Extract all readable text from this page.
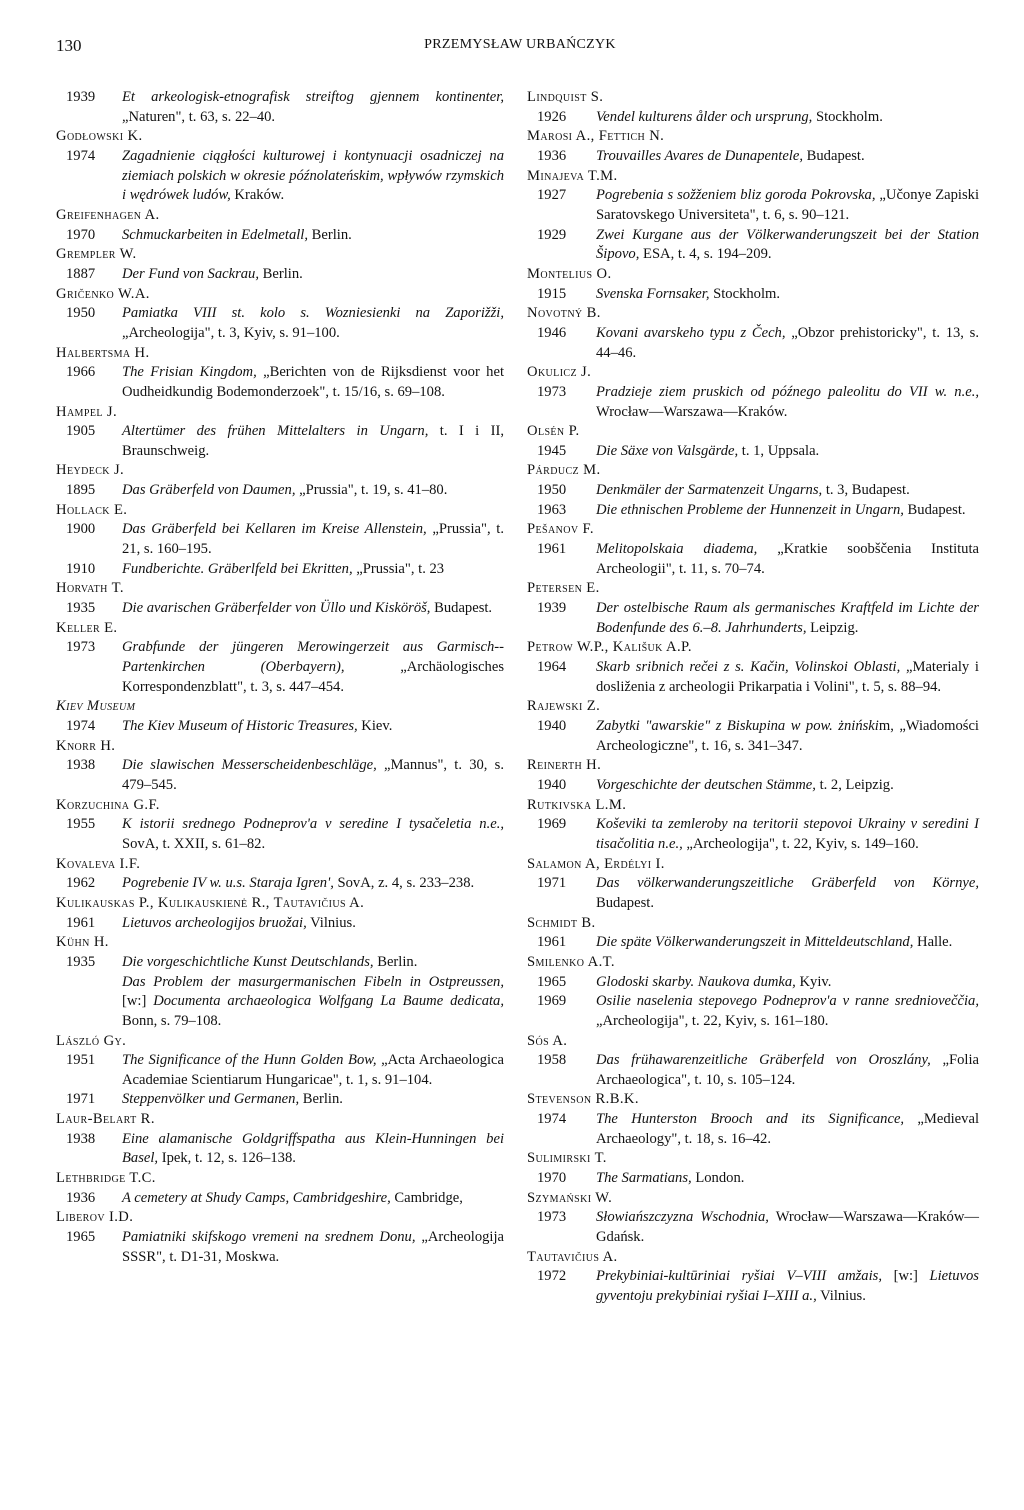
130	PRZEMYSŁAW URBAŃCZYK
1939	Et arkeologisk-etnografisk streiftog gjennem kontinenter, „Naturen", t. 63, s. 22–40.
Godłowski K.
1974	Zagadnienie ciągłości kulturowej i kontynuacji osadniczej na ziemiach polskich w okresie późnolateńskim, wpływów rzymskich i wędrówek ludów, Kraków.
Greifenhagen A.
1970	Schmuckarbeiten in Edelmetall, Berlin.
Grempler W.
1887	Der Fund von Sackrau, Berlin.
Gričenko W.A.
1950	Pamiatka VIII st. kolo s. Wozniesienki na Zaporižži, „Archeologija", t. 3, Kyiv, s. 91–100.
Halbertsma H.
1966	The Frisian Kingdom, „Berichten von de Rijksdienst voor het Oudheidkundig Bodemonderzoek", t. 15/16, s. 69–108.
Hampel J.
1905	Altertümer des frühen Mittelalters in Ungarn, t. I i II, Braunschweig.
Heydeck J.
1895	Das Gräberfeld von Daumen, „Prussia", t. 19, s. 41–80.
Hollack E.
1900	Das Gräberfeld bei Kellaren im Kreise Allenstein, „Prussia", t. 21, s. 160–195.
1910	Fundberichte. Gräberlfeld bei Ekritten, „Prussia", t. 23
Horvath T.
1935	Die avarischen Gräberfelder von Üllo und Kisköröš, Budapest.
Keller E.
1973	Grabfunde der jüngeren Merowingerzeit aus Garmisch--Partenkirchen (Oberbayern), „Archäologisches Korrespondenzblatt", t. 3, s. 447–454.
Kiev Museum
1974	The Kiev Museum of Historic Treasures, Kiev.
Knorr H.
1938	Die slawischen Messerscheidenbeschläge, „Mannus", t. 30, s. 479–545.
Korzuchina G.F.
1955	K istorii srednego Podneprov'a v seredine I tysačeletia n.e., SovA, t. XXII, s. 61–82.
Kovaleva I.F.
1962	Pogrebenie IV w. u.s. Staraja Igren', SovA, z. 4, s. 233–238.
Kulikauskas P., Kulikauskienė R., Tautavičius A.
1961	Lietuvos archeologijos bruožai, Vilnius.
Kühn H.
1935	Die vorgeschichtliche Kunst Deutschlands, Berlin.
Das Problem der masurgermanischen Fibeln in Ostpreussen, [w:] Documenta archaeologica Wolfgang La Baume dedicata, Bonn, s. 79–108.
László Gy.
1951	The Significance of the Hunn Golden Bow, „Acta Archaeologica Academiae Scientiarum Hungaricae", t. 1, s. 91–104.
1971	Steppenvölker und Germanen, Berlin.
Laur-Belart R.
1938	Eine alamanische Goldgriffspatha aus Klein-Hunningen bei Basel, Ipek, t. 12, s. 126–138.
Lethbridge T.C.
1936	A cemetery at Shudy Camps, Cambridgeshire, Cambridge,
Liberov I.D.
1965	Pamiatniki skifskogo vremeni na srednem Donu, „Archeologija SSSR", t. D1-31, Moskwa.
Lindquist S.
1926	Vendel kulturens ålder och ursprung, Stockholm.
Marosi A., Fettich N.
1936	Trouvailles Avares de Dunapentele, Budapest.
Minajeva T.M.
1927	Pogrebenia s sožženiem bliz goroda Pokrovska, „Učonye Zapiski Saratovskego Universiteta", t. 6, s. 90–121.
1929	Zwei Kurgane aus der Völkerwanderungszeit bei der Station Šipovo, ESA, t. 4, s. 194–209.
Montelius O.
1915	Svenska Fornsaker, Stockholm.
Novotný B.
1946	Kovani avarskeho typu z Čech, „Obzor prehistoricky", t. 13, s. 44–46.
Okulicz J.
1973	Pradzieje ziem pruskich od późnego paleolitu do VII w. n.e., Wrocław—Warszawa—Kraków.
Olsén P.
1945	Die Säxe von Valsgärde, t. 1, Uppsala.
Párducz M.
1950	Denkmäler der Sarmatenzeit Ungarns, t. 3, Budapest.
1963	Die ethnischen Probleme der Hunnenzeit in Ungarn, Budapest.
Pešanov F.
1961	Melitopolskaia diadema, „Kratkie soobščenia Instituta Archeologii", t. 11, s. 70–74.
Petersen E.
1939	Der ostelbische Raum als germanisches Kraftfeld im Lichte der Bodenfunde des 6.–8. Jahrhunderts, Leipzig.
Petrow W.P., Kališuk A.P.
1964	Skarb sribnich rečei z s. Kačin, Volinskoi Oblasti, „Materialy i dosliženia z archeologii Prikarpatia i Volini", t. 5, s. 88–94.
Rajewski Z.
1940	Zabytki "awarskie" z Biskupina w pow. żnińskim, „Wiadomości Archeologiczne", t. 16, s. 341–347.
Reinerth H.
1940	Vorgeschichte der deutschen Stämme, t. 2, Leipzig.
Rutkivska L.M.
1969	Koševiki ta zemleroby na teritorii stepovoi Ukrainy v seredini I tisačolitia n.e., „Archeologija", t. 22, Kyiv, s. 149–160.
Salamon A, Erdélyi I.
1971	Das völkerwanderungszeitliche Gräberfeld von Környe, Budapest.
Schmidt B.
1961	Die späte Völkerwanderungszeit in Mitteldeutschland, Halle.
Smilenko A.T.
1965	Glodoski skarby. Naukova dumka, Kyiv.
1969	Osilie naselenia stepovego Podneprov'a v ranne srednioveččia, „Archeologija", t. 22, Kyiv, s. 161–180.
Sós A.
1958	Das frühawarenzeitliche Gräberfeld von Oroszlány, „Folia Archaeologica", t. 10, s. 105–124.
Stevenson R.B.K.
1974	The Hunterston Brooch and its Significance, „Medieval Archaeology", t. 18, s. 16–42.
Sulimirski T.
1970	The Sarmatians, London.
Szymański W.
1973	Słowiańszczyzna Wschodnia, Wrocław—Warszawa—Kraków—Gdańsk.
Tautavičius A.
1972	Prekybiniai-kultūriniai ryšiai V–VIII amžais, [w:] Lietuvos gyventoju prekybiniai ryšiai I–XIII a., Vilnius.
